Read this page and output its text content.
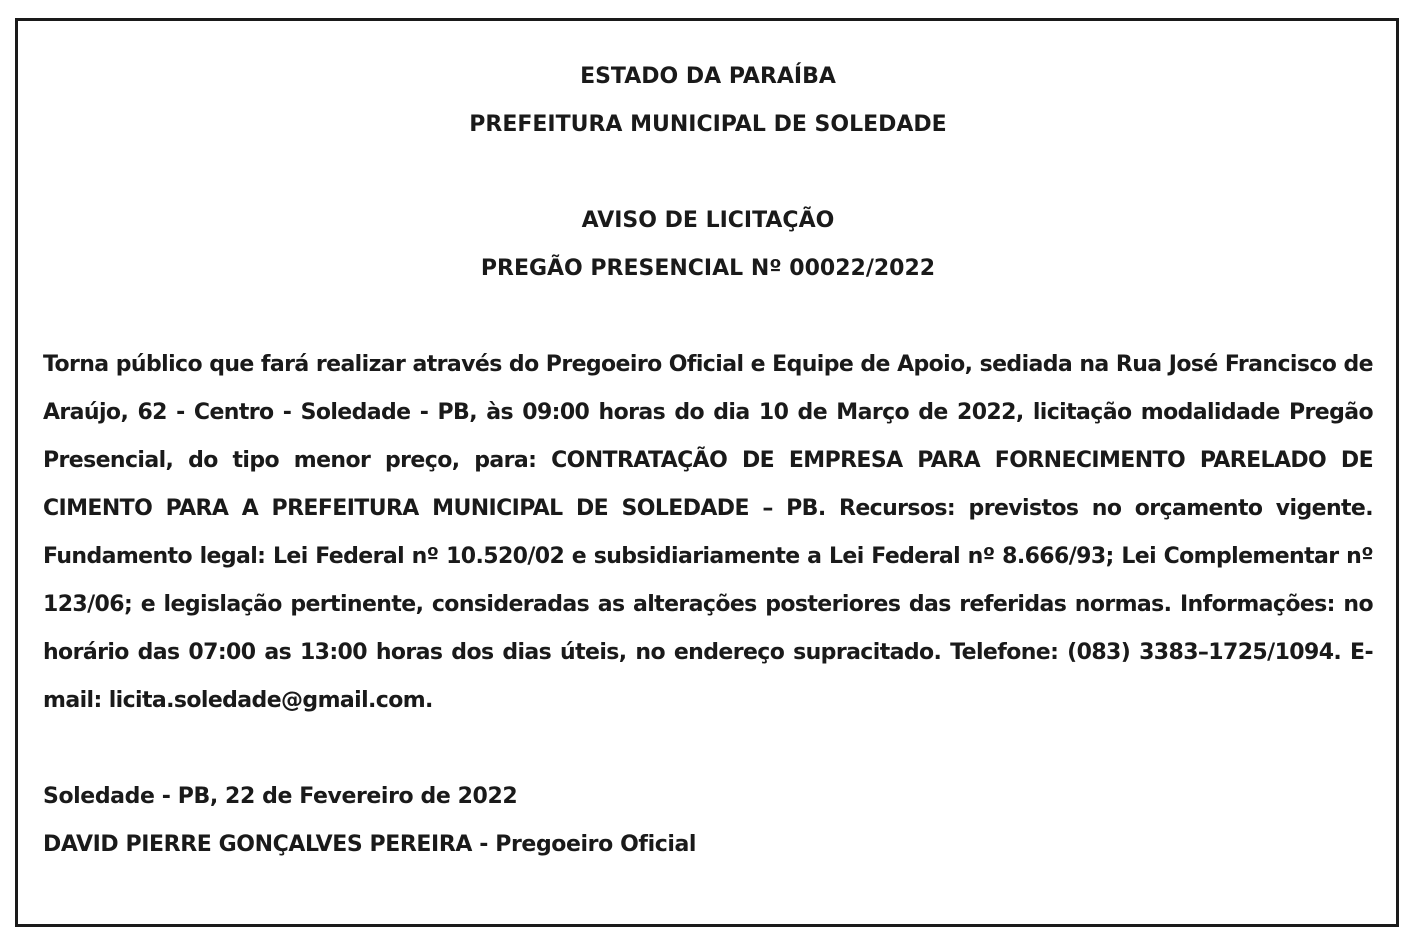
ESTADO DA PARAÍBA
PREFEITURA MUNICIPAL DE SOLEDADE
AVISO DE LICITAÇÃO
PREGÃO PRESENCIAL Nº 00022/2022
Torna público que fará realizar através do Pregoeiro Oficial e Equipe de Apoio, sediada na Rua José Francisco de Araújo, 62 - Centro - Soledade - PB, às 09:00 horas do dia 10 de Março de 2022, licitação modalidade Pregão Presencial, do tipo menor preço, para: CONTRATAÇÃO DE EMPRESA PARA FORNECIMENTO PARELADO DE CIMENTO PARA A PREFEITURA MUNICIPAL DE SOLEDADE – PB. Recursos: previstos no orçamento vigente. Fundamento legal: Lei Federal nº 10.520/02 e subsidiariamente a Lei Federal nº 8.666/93; Lei Complementar nº 123/06; e legislação pertinente, consideradas as alterações posteriores das referidas normas. Informações: no horário das 07:00 as 13:00 horas dos dias úteis, no endereço supracitado. Telefone: (083) 3383–1725/1094. E-mail: licita.soledade@gmail.com.
Soledade - PB, 22 de Fevereiro de 2022
DAVID PIERRE GONÇALVES PEREIRA - Pregoeiro Oficial
